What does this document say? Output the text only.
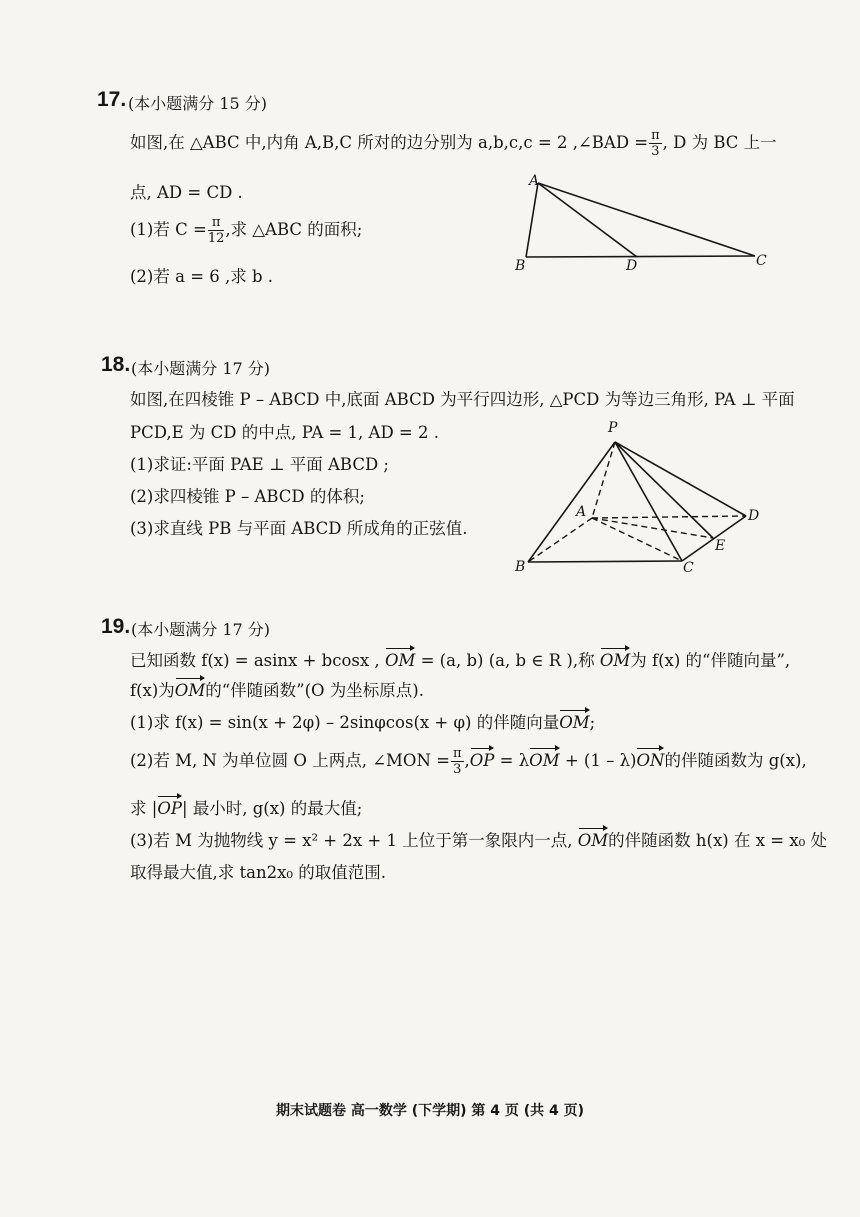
17. (本小题满分 15 分)
如图,在 △ABC 中,内角 A,B,C 所对的边分别为 a,b,c,c = 2 ,∠BAD = $\frac{\pi}{3}$ , D 为 BC 上一
点, AD = CD .
(1)若 $C = \frac{\pi}{12}$ ,求 △ABC 的面积;
(2)若 a = 6 ,求 b .
A
B	D	C
18. (本小题满分 17 分)
如图,在四棱锥 P – ABCD 中,底面 ABCD 为平行四边形, △PCD 为等边三角形, PA ⊥ 平面
PCD,E 为 CD 的中点, PA = 1, AD = 2 .
(1)求证:平面 PAE ⊥ 平面 ABCD ;
(2)求四棱锥 P – ABCD 的体积;
(3)求直线 PB 与平面 ABCD 所成角的正弦值.
P
A
B	C
D
E
19. (本小题满分 17 分)
已知函数 f(x) = asinx + bcosx , OM = (a, b) (a, b ∈ R ),称 OM为 f(x) 的“伴随向量”,
f(x)为OM的“伴随函数”(O 为坐标原点).
(1)求 f(x) = sin(x + 2φ) – 2sinφcos(x + φ) 的伴随向量OM;
(2)若 M, N 为单位圆 O 上两点, ∠MON = $\frac{\pi}{3} ,OP = \lambda OM + (1 - \lambda)ON$的伴随函数为 g(x),
求 |OP| 最小时, g(x) 的最大值;
(3)若 M 为抛物线 y = x² + 2x + 1 上位于第一象限内一点, OM的伴随函数 h(x) 在 x = x₀ 处
取得最大值,求 tan2x₀ 的取值范围.
期末试题卷 高一数学 (下学期) 第 4 页 (共 4 页)
